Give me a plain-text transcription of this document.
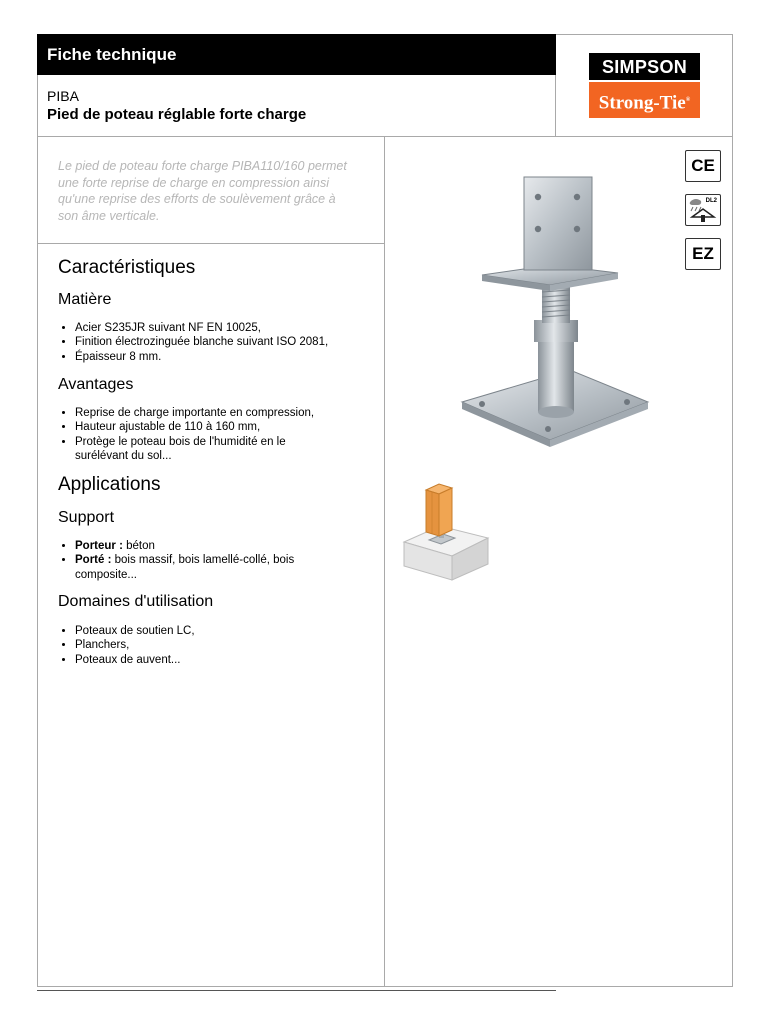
Fiche technique
PIBA
Pied de poteau réglable forte charge
SIMPSON
Strong-Tie®
Le pied de poteau forte charge PIBA110/160 permet une forte reprise de charge en compression ainsi qu'une reprise des efforts de soulèvement grâce à son âme verticale.
Caractéristiques
Matière
• Acier S235JR suivant NF EN 10025,
• Finition électrozinguée blanche suivant ISO 2081,
• Épaisseur 8 mm.
Avantages
• Reprise de charge importante en compression,
• Hauteur ajustable de 110 à 160 mm,
• Protège le poteau bois de l'humidité en le surélévant du sol...
Applications
Support
• Porteur : béton
• Porté : bois massif, bois lamellé-collé, bois composite...
Domaines d'utilisation
• Poteaux de soutien LC,
• Planchers,
• Poteaux de auvent...
CE
DL2
EZ
